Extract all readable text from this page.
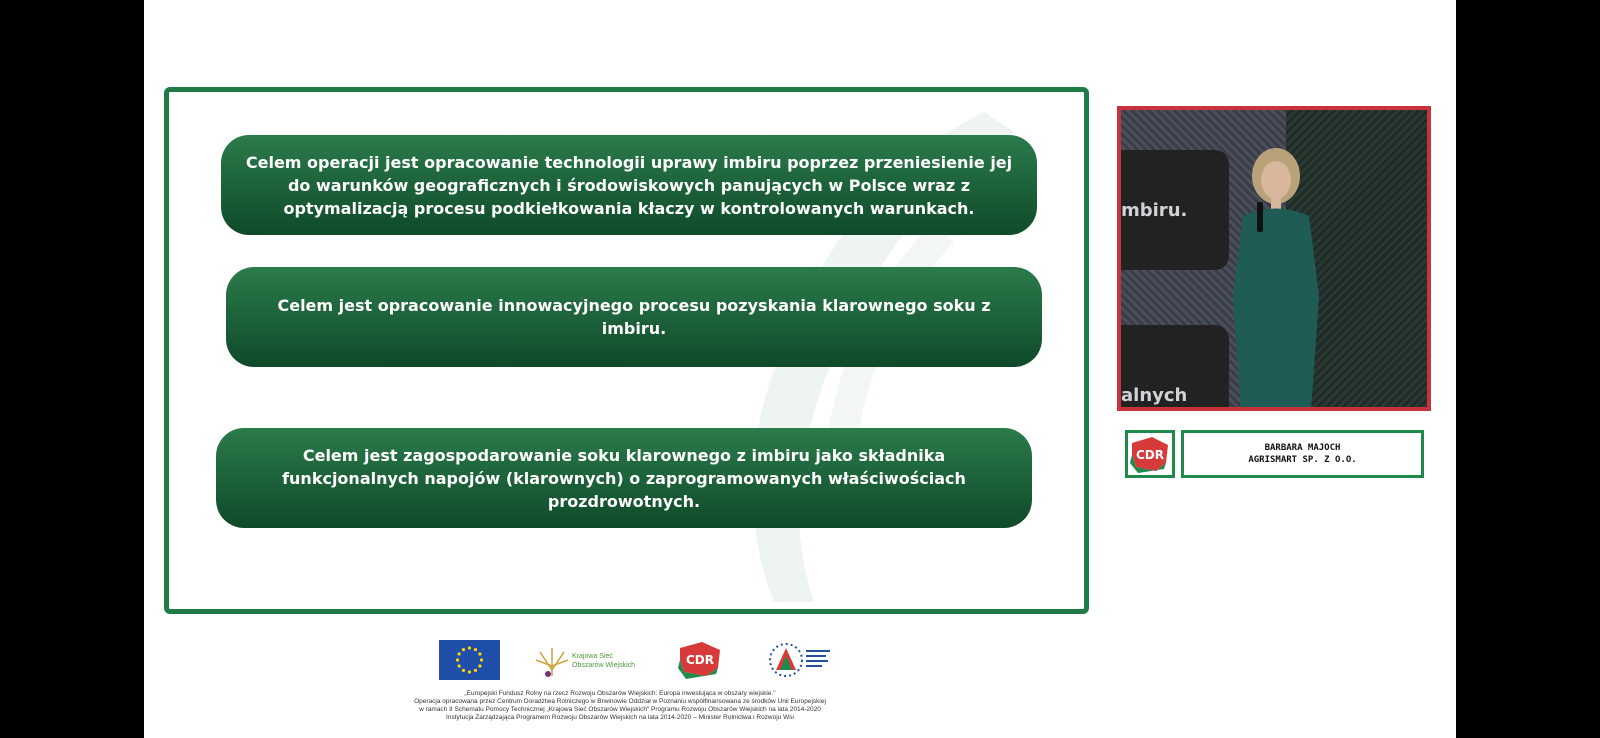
Celem operacji jest opracowanie technologii uprawy imbiru poprzez przeniesienie jej do warunków geograficznych i środowiskowych panujących w Polsce wraz z optymalizacją procesu podkiełkowania kłaczy w kontrolowanych warunkach.
Celem jest opracowanie innowacyjnego procesu pozyskania klarownego soku z imbiru.
Celem jest zagospodarowanie soku klarownego z imbiru jako składnika funkcjonalnych napojów (klarownych) o zaprogramowanych właściwościach prozdrowotnych.
mbiru.
alnych
CDR	BARBARA MAJOCH
AGRISMART SP. Z O.O.
Krajowa Sieć
Obszarów Wiejskich	CDR
„Europejski Fundusz Rolny na rzecz Rozwoju Obszarów Wiejskich: Europa inwestująca w obszary wiejskie."
Operacja opracowana przez Centrum Doradztwa Rolniczego w Brwinowie Oddział w Poznaniu współfinansowana ze środków Unii Europejskiej
w ramach II Schematu Pomocy Technicznej „Krajowa Sieć Obszarów Wiejskich" Programu Rozwoju Obszarów Wiejskich na lata 2014-2020
Instytucja Zarządzająca Programem Rozwoju Obszarów Wiejskich na lata 2014-2020 – Minister Rolnictwa i Rozwoju Wsi
